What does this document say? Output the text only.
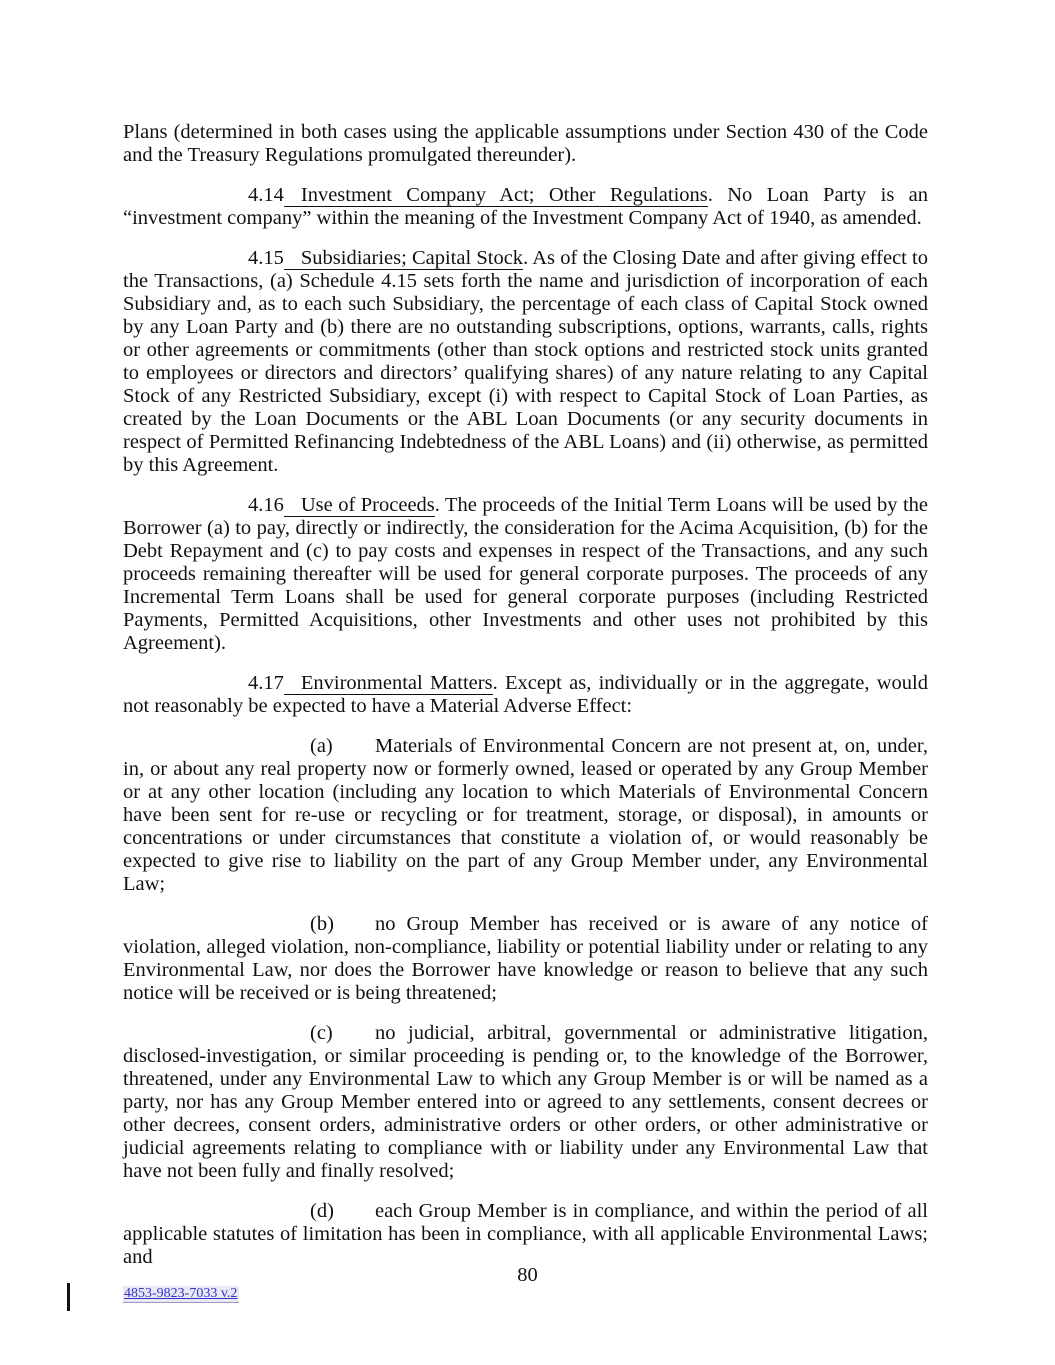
Plans (determined in both cases using the applicable assumptions under Section 430 of the Code and the Treasury Regulations promulgated thereunder).

4.14 Investment Company Act; Other Regulations. No Loan Party is an “investment company” within the meaning of the Investment Company Act of 1940, as amended.

4.15 Subsidiaries; Capital Stock. As of the Closing Date and after giving effect to the Transactions, (a) Schedule 4.15 sets forth the name and jurisdiction of incorporation of each Subsidiary and, as to each such Subsidiary, the percentage of each class of Capital Stock owned by any Loan Party and (b) there are no outstanding subscriptions, options, warrants, calls, rights or other agreements or commitments (other than stock options and restricted stock units granted to employees or directors and directors’ qualifying shares) of any nature relating to any Capital Stock of any Restricted Subsidiary, except (i) with respect to Capital Stock of Loan Parties, as created by the Loan Documents or the ABL Loan Documents (or any security documents in respect of Permitted Refinancing Indebtedness of the ABL Loans) and (ii) otherwise, as permitted by this Agreement.

4.16 Use of Proceeds. The proceeds of the Initial Term Loans will be used by the Borrower (a) to pay, directly or indirectly, the consideration for the Acima Acquisition, (b) for the Debt Repayment and (c) to pay costs and expenses in respect of the Transactions, and any such proceeds remaining thereafter will be used for general corporate purposes. The proceeds of any Incremental Term Loans shall be used for general corporate purposes (including Restricted Payments, Permitted Acquisitions, other Investments and other uses not prohibited by this Agreement).

4.17 Environmental Matters. Except as, individually or in the aggregate, would not reasonably be expected to have a Material Adverse Effect:

(a) Materials of Environmental Concern are not present at, on, under, in, or about any real property now or formerly owned, leased or operated by any Group Member or at any other location (including any location to which Materials of Environmental Concern have been sent for re-use or recycling or for treatment, storage, or disposal), in amounts or concentrations or under circumstances that constitute a violation of, or would reasonably be expected to give rise to liability on the part of any Group Member under, any Environmental Law;

(b) no Group Member has received or is aware of any notice of violation, alleged violation, non-compliance, liability or potential liability under or relating to any Environmental Law, nor does the Borrower have knowledge or reason to believe that any such notice will be received or is being threatened;

(c) no judicial, arbitral, governmental or administrative litigation, disclosed-investigation, or similar proceeding is pending or, to the knowledge of the Borrower, threatened, under any Environmental Law to which any Group Member is or will be named as a party, nor has any Group Member entered into or agreed to any settlements, consent decrees or other decrees, consent orders, administrative orders or other orders, or other administrative or judicial agreements relating to compliance with or liability under any Environmental Law that have not been fully and finally resolved;

(d) each Group Member is in compliance, and within the period of all applicable statutes of limitation has been in compliance, with all applicable Environmental Laws; and

80
4853-9823-7033 v.2
